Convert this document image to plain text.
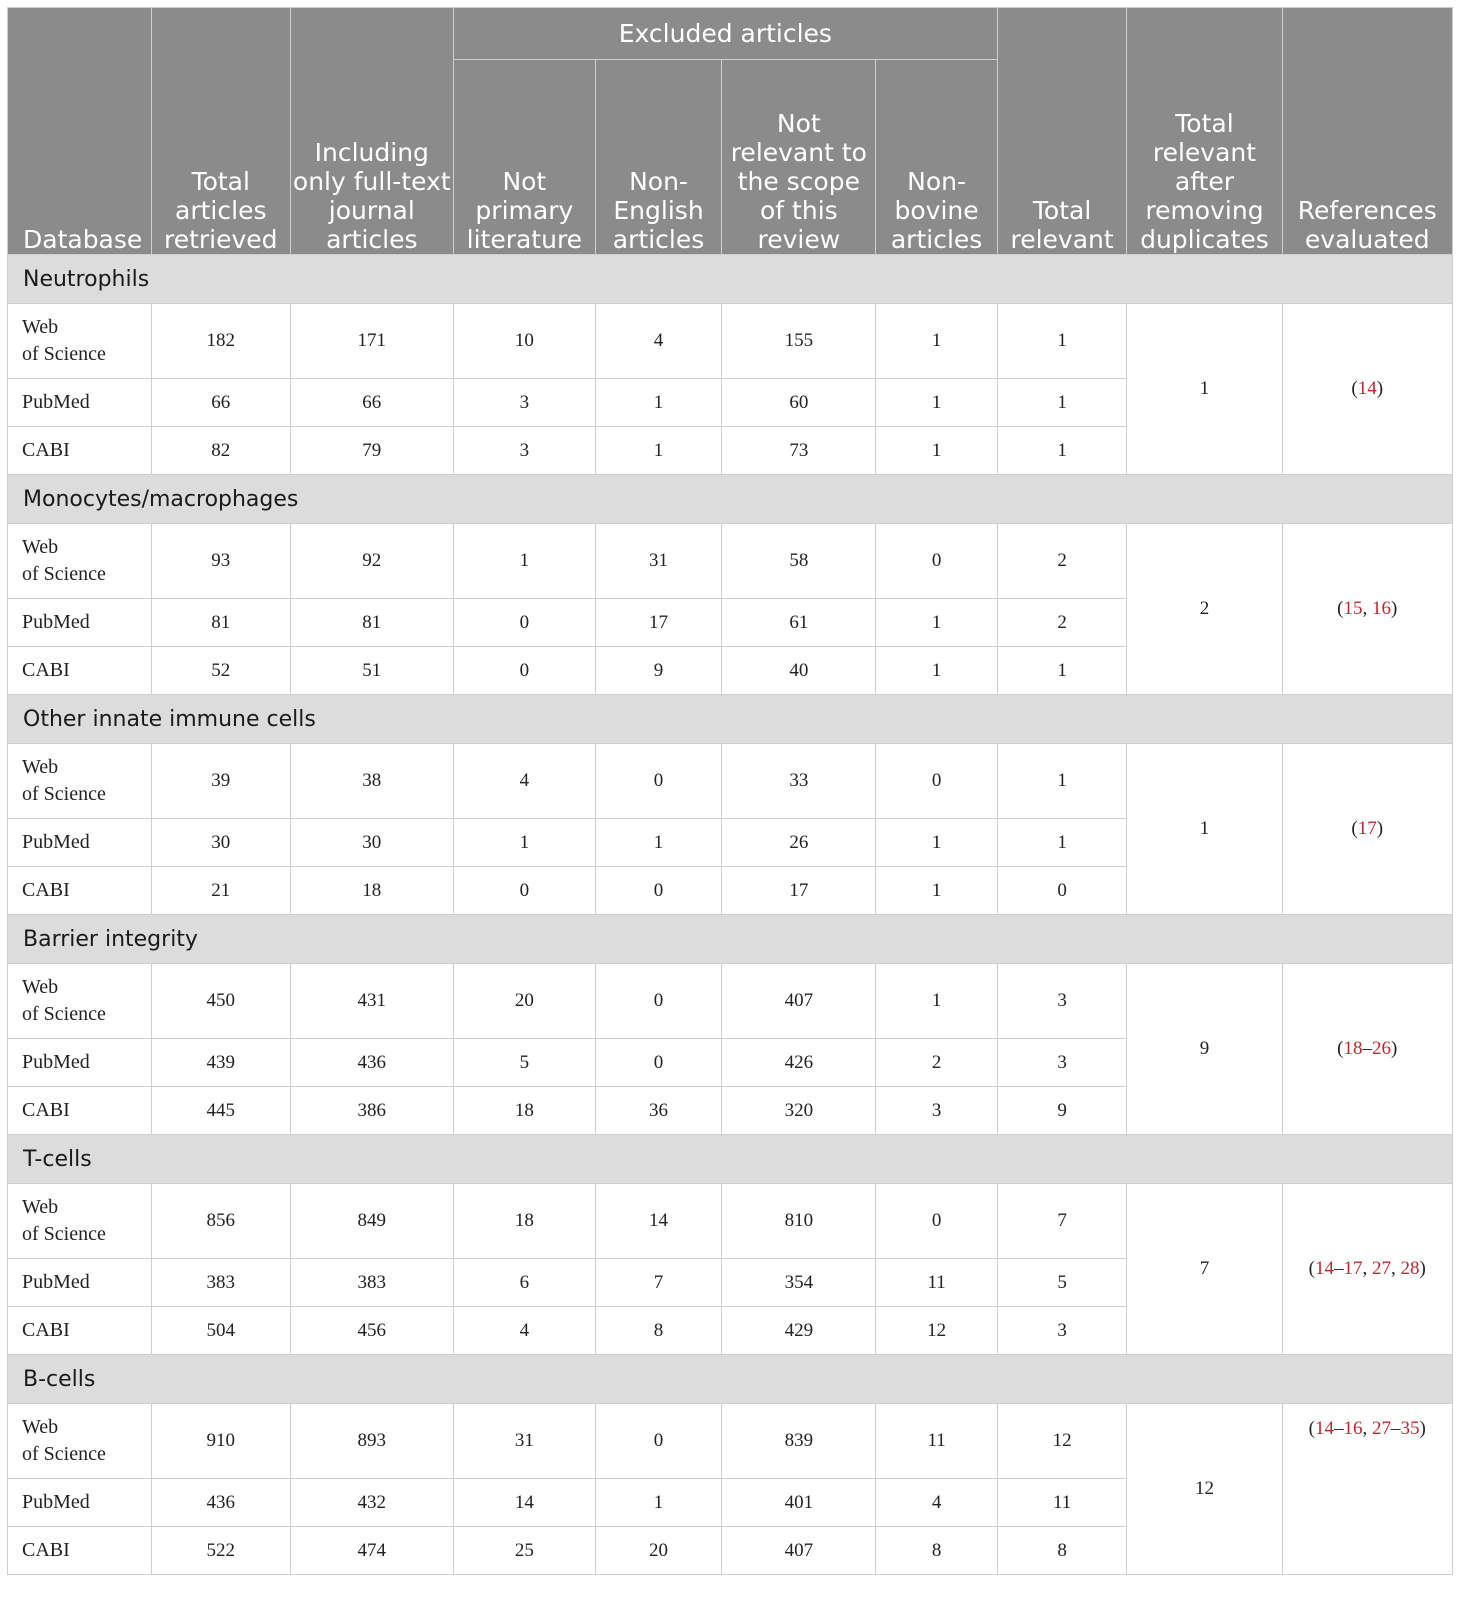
Database	Total articles retrieved	Including only full-text journal articles	Excluded articles				Total relevant	Total relevant after removing duplicates	References evaluated
			Not primary literature	Non-English articles	Not relevant to the scope of this review	Non-bovine articles			
Neutrophils									

Web
of Science	182	171	10	4	155	1	1	1	(14)
PubMed	66	66	3	1	60	1	1		
CABI	82	79	3	1	73	1	1		
Monocytes/macrophages									

Web
of Science	93	92	1	31	58	0	2	2	(15, 16)
PubMed	81	81	0	17	61	1	2		
CABI	52	51	0	9	40	1	1		
Other innate immune cells									

Web
of Science	39	38	4	0	33	0	1	1	(17)
PubMed	30	30	1	1	26	1	1		
CABI	21	18	0	0	17	1	0		
Barrier integrity									

Web
of Science	450	431	20	0	407	1	3	9	(18–26)
PubMed	439	436	5	0	426	2	3		
CABI	445	386	18	36	320	3	9		
T-cells									

Web
of Science	856	849	18	14	810	0	7	7	(14–17, 27, 28)
PubMed	383	383	6	7	354	11	5		
CABI	504	456	4	8	429	12	3		
B-cells									

Web
of Science	910	893	31	0	839	11	12	12	(14–16, 27–35)
PubMed	436	432	14	1	401	4	11		
CABI	522	474	25	20	407	8	8		
